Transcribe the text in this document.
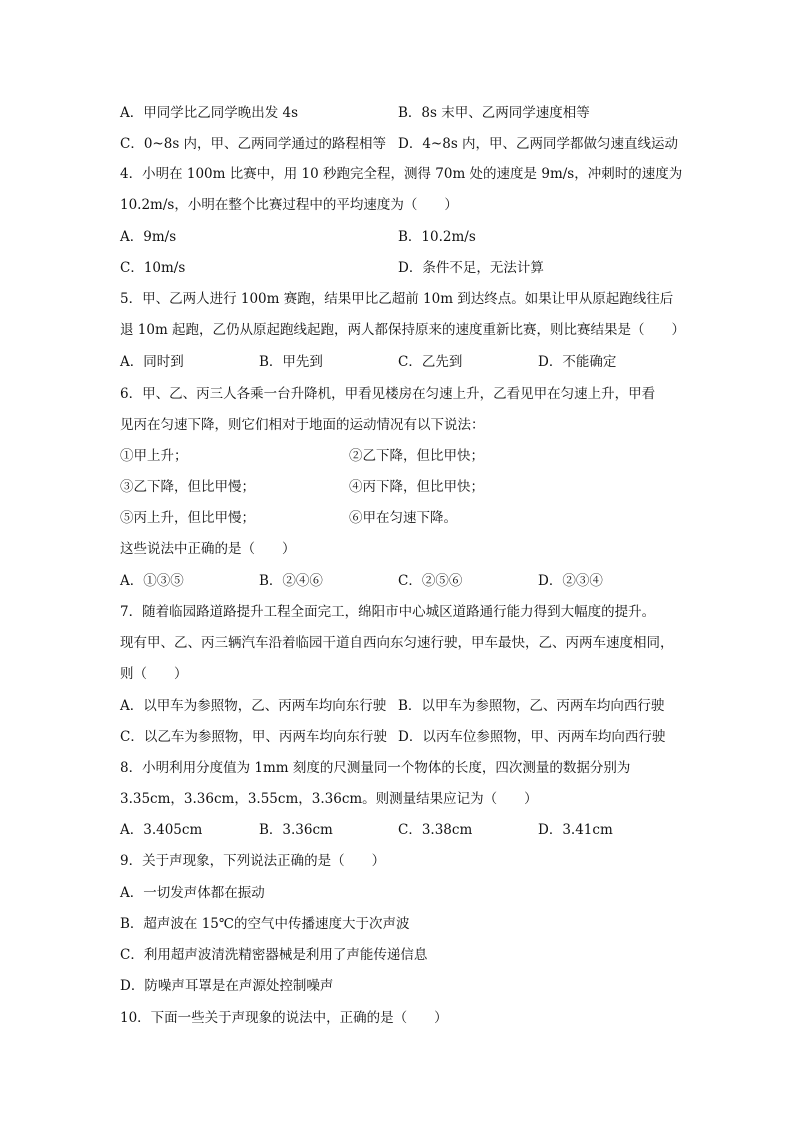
A．甲同学比乙同学晚出发 4s	B．8s 末甲、乙两同学速度相等
C．0~8s 内，甲、乙两同学通过的路程相等 D．4~8s 内，甲、乙两同学都做匀速直线运动
4．小明在 100m 比赛中，用 10 秒跑完全程，测得 70m 处的速度是 9m/s，冲刺时的速度为
10.2m/s，小明在整个比赛过程中的平均速度为（　　）
A．9m/s	B．10.2m/s
C．10m/s	D．条件不足，无法计算
5．甲、乙两人进行 100m 赛跑，结果甲比乙超前 10m 到达终点。如果让甲从原起跑线往后
退 10m 起跑，乙仍从原起跑线起跑，两人都保持原来的速度重新比赛，则比赛结果是（　　）
A．同时到	B．甲先到	C．乙先到	D．不能确定
6．甲、乙、丙三人各乘一台升降机，甲看见楼房在匀速上升，乙看见甲在匀速上升，甲看
见丙在匀速下降，则它们相对于地面的运动情况有以下说法：
①甲上升；	②乙下降，但比甲快；
③乙下降，但比甲慢；	④丙下降，但比甲快；
⑤丙上升，但比甲慢；	⑥甲在匀速下降。
这些说法中正确的是（　　）
A．①③⑤	B．②④⑥	C．②⑤⑥	D．②③④
7．随着临园路道路提升工程全面完工，绵阳市中心城区道路通行能力得到大幅度的提升。
现有甲、乙、丙三辆汽车沿着临园干道自西向东匀速行驶，甲车最快，乙、丙两车速度相同，
则（　　）
A．以甲车为参照物，乙、丙两车均向东行驶 B．以甲车为参照物，乙、丙两车均向西行驶
C．以乙车为参照物，甲、丙两车均向东行驶 D．以丙车位参照物，甲、丙两车均向西行驶
8．小明利用分度值为 1mm 刻度的尺测量同一个物体的长度，四次测量的数据分别为
3.35cm，3.36cm，3.55cm，3.36cm。则测量结果应记为（　　）
A．3.405cm	B．3.36cm	C．3.38cm	D．3.41cm
9．关于声现象，下列说法正确的是（　　）
A．一切发声体都在振动
B．超声波在 15℃的空气中传播速度大于次声波
C．利用超声波清洗精密器械是利用了声能传递信息
D．防噪声耳罩是在声源处控制噪声
10．下面一些关于声现象的说法中，正确的是（　　）
